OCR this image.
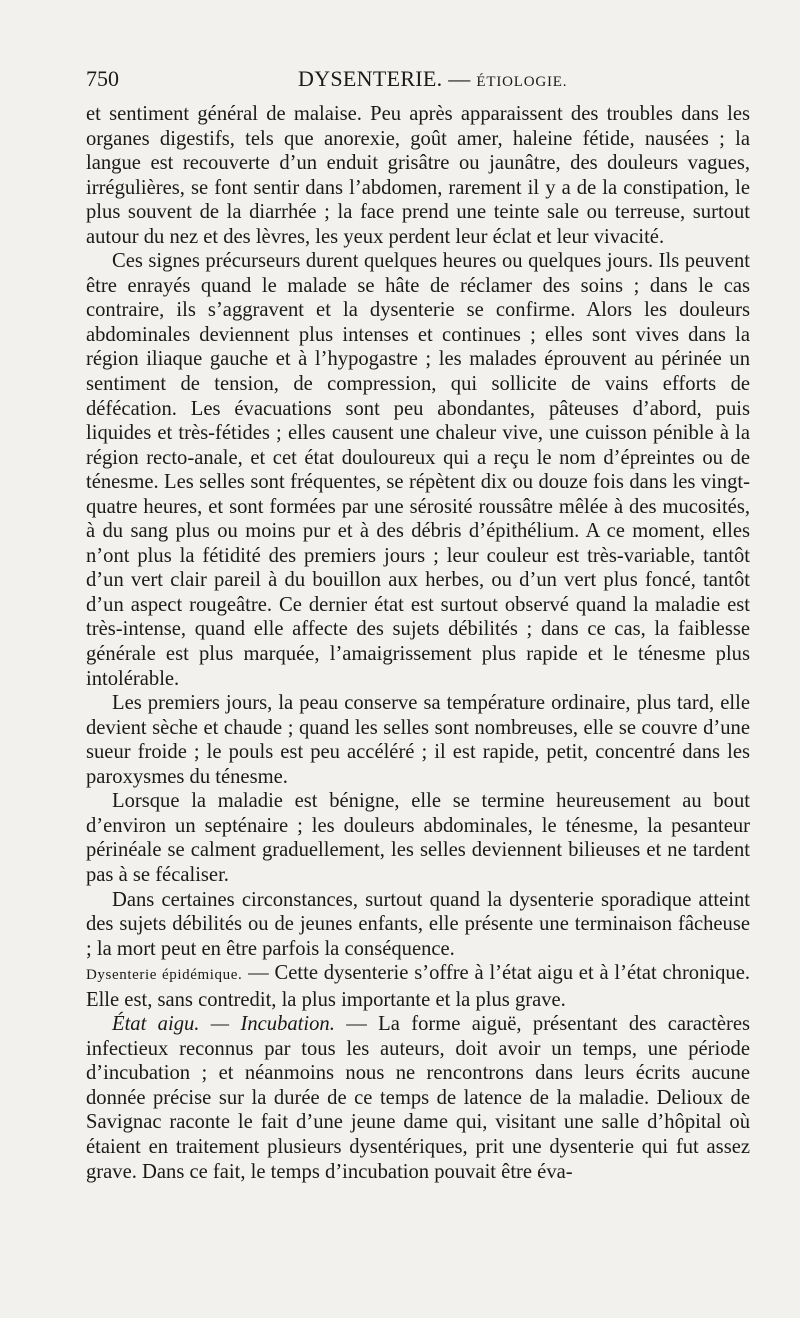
750	DYSENTERIE. — ÉTIOLOGIE.

et sentiment général de malaise. Peu après apparaissent des troubles dans les organes digestifs, tels que anorexie, goût amer, haleine fétide, nausées ; la langue est recouverte d’un enduit grisâtre ou jaunâtre, des douleurs vagues, irrégulières, se font sentir dans l’abdomen, rarement il y a de la constipation, le plus souvent de la diarrhée ; la face prend une teinte sale ou terreuse, surtout autour du nez et des lèvres, les yeux perdent leur éclat et leur vivacité.

Ces signes précurseurs durent quelques heures ou quelques jours. Ils peuvent être enrayés quand le malade se hâte de réclamer des soins ; dans le cas contraire, ils s’aggravent et la dysenterie se confirme. Alors les douleurs abdominales deviennent plus intenses et continues ; elles sont vives dans la région iliaque gauche et à l’hypogastre ; les malades éprouvent au périnée un sentiment de tension, de compression, qui sollicite de vains efforts de défécation. Les évacuations sont peu abondantes, pâteuses d’abord, puis liquides et très-fétides ; elles causent une chaleur vive, une cuisson pénible à la région recto-anale, et cet état douloureux qui a reçu le nom d’épreintes ou de ténesme. Les selles sont fréquentes, se répètent dix ou douze fois dans les vingt-quatre heures, et sont formées par une sérosité roussâtre mêlée à des mucosités, à du sang plus ou moins pur et à des débris d’épithélium. A ce moment, elles n’ont plus la fétidité des premiers jours ; leur couleur est très-variable, tantôt d’un vert clair pareil à du bouillon aux herbes, ou d’un vert plus foncé, tantôt d’un aspect rougeâtre. Ce dernier état est surtout observé quand la maladie est très-intense, quand elle affecte des sujets débilités ; dans ce cas, la faiblesse générale est plus marquée, l’amaigrissement plus rapide et le ténesme plus intolérable.

Les premiers jours, la peau conserve sa température ordinaire, plus tard, elle devient sèche et chaude ; quand les selles sont nombreuses, elle se couvre d’une sueur froide ; le pouls est peu accéléré ; il est rapide, petit, concentré dans les paroxysmes du ténesme.

Lorsque la maladie est bénigne, elle se termine heureusement au bout d’environ un septénaire ; les douleurs abdominales, le ténesme, la pesanteur périnéale se calment graduellement, les selles deviennent bilieuses et ne tardent pas à se fécaliser.

Dans certaines circonstances, surtout quand la dysenterie sporadique atteint des sujets débilités ou de jeunes enfants, elle présente une terminaison fâcheuse ; la mort peut en être parfois la conséquence.

Dysenterie épidémique. — Cette dysenterie s’offre à l’état aigu et à l’état chronique. Elle est, sans contredit, la plus importante et la plus grave.

État aigu. — Incubation. — La forme aiguë, présentant des caractères infectieux reconnus par tous les auteurs, doit avoir un temps, une période d’incubation ; et néanmoins nous ne rencontrons dans leurs écrits aucune donnée précise sur la durée de ce temps de latence de la maladie. Delioux de Savignac raconte le fait d’une jeune dame qui, visitant une salle d’hôpital où étaient en traitement plusieurs dysentériques, prit une dysenterie qui fut assez grave. Dans ce fait, le temps d’incubation pouvait être éva-
